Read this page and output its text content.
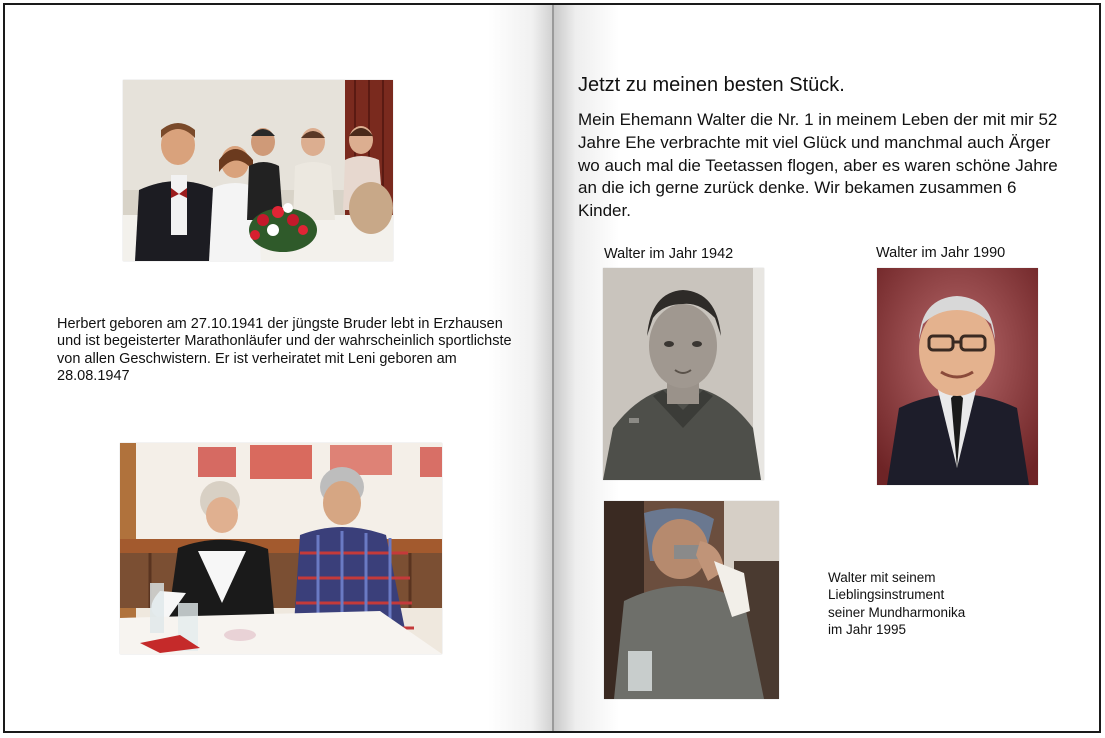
Herbert geboren am 27.10.1941 der jüngste Bruder lebt in Erzhausen und ist begeisterter Marathonläufer und der wahrscheinlich sportlichste von allen Geschwistern. Er ist verheiratet mit Leni geboren am 28.08.1947
Jetzt zu meinen besten Stück.
Mein Ehemann Walter die Nr. 1 in meinem Leben der mit mir 52 Jahre Ehe verbrachte mit viel Glück und manchmal auch Ärger wo auch mal die Teetassen flogen, aber es waren schöne Jahre an die ich gerne zurück denke. Wir bekamen zusammen 6 Kinder.
Walter im Jahr 1942	Walter im Jahr 1990
Walter mit seinem
Lieblingsinstrument
seiner Mundharmonika
im Jahr 1995
